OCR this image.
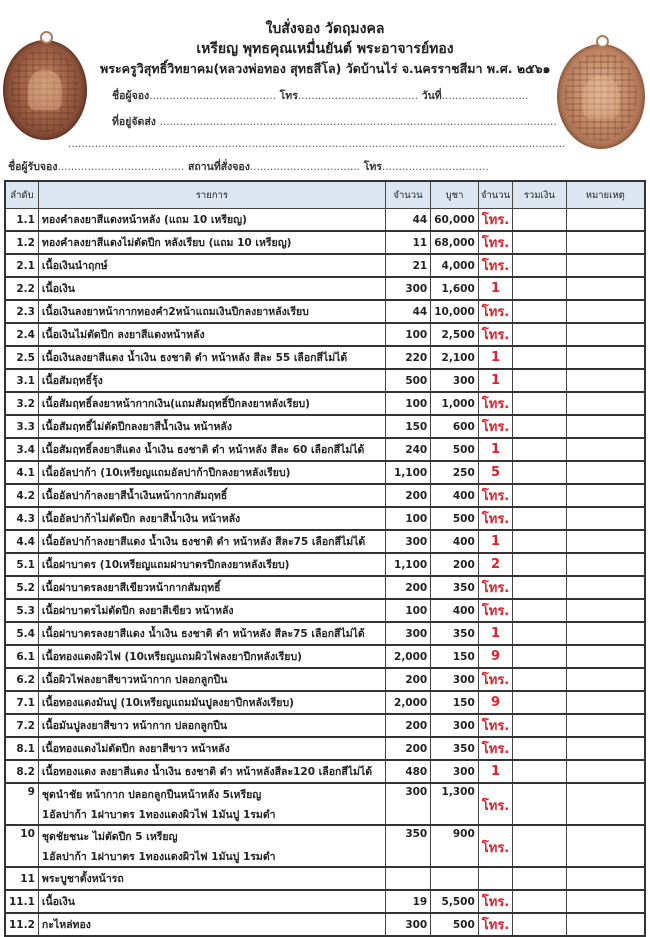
ใบสั่งจอง วัดฤมงคล
เหรียญ พุทธคุณเหมื่นยันต์ พระอาจารย์ทอง
พระครูวิสุทธิ์วิทยาคม(หลวงพ่อทอง สุทธสีโล) วัดบ้านไร่ จ.นครราชสีมา พ.ศ. ๒๕๖๑
ชื่อผู้จอง...................................... โทร.................................... วันที่..........................
ที่อยู่จัดส่ง .......................................................................................................................
.....................................................................................................................................................
ชื่อผู้รับจอง...................................... สถานที่สั่งจอง................................. โทร................................
ลำดับ	รายการ	จำนวน	บูชา	จำนวน	รวมเงิน	หมายเหตุ
1.1	ทองคำลงยาสีแดงหน้าหลัง (แถม 10 เหรียญ)	44	60,000	โทร.		
1.2	ทองคำลงยาสีแดงไม่ตัดปีก หลังเรียบ (แถม 10 เหรียญ)	11	68,000	โทร.		
2.1	เนื้อเงินนำฤกษ์	21	4,000	โทร.		
2.2	เนื้อเงิน	300	1,600	1		
2.3	เนื้อเงินลงยาหน้ากากทองคำ2หน้าแถมเงินปีกลงยาหลังเรียบ	44	10,000	โทร.		
2.4	เนื้อเงินไม่ตัดปีก ลงยาสีแดงหน้าหลัง	100	2,500	โทร.		
2.5	เนื้อเงินลงยาสีแดง น้ำเงิน ธงชาติ ดำ หน้าหลัง สีละ 55 เลือกสีไม่ได้	220	2,100	1		
3.1	เนื้อสัมฤทธิ์รุ้ง	500	300	1		
3.2	เนื้อสัมฤทธิ์ลงยาหน้ากากเงิน(แถมสัมฤทธิ์ปีกลงยาหลังเรียบ)	100	1,000	โทร.		
3.3	เนื้อสัมฤทธิ์ไม่ตัดปีกลงยาสีน้ำเงิน หน้าหลัง	150	600	โทร.		
3.4	เนื้อสัมฤทธิ์ลงยาสีแดง น้ำเงิน ธงชาติ ดำ หน้าหลัง สีละ 60 เลือกสีไม่ได้	240	500	1		
4.1	เนื้ออัลปาก้า (10เหรียญแถมอัลปาก้าปีกลงยาหลังเรียบ)	1,100	250	5		
4.2	เนื้ออัลปาก้าลงยาสีน้ำเงินหน้ากากสัมฤทธิ์	200	400	โทร.		
4.3	เนื้ออัลปาก้าไม่ตัดปีก ลงยาสีน้ำเงิน หน้าหลัง	100	500	โทร.		
4.4	เนื้ออัลปาก้าลงยาสีแดง น้ำเงิน ธงชาติ ดำ หน้าหลัง สีละ75 เลือกสีไม่ได้	300	400	1		
5.1	เนื้อฝาบาตร (10เหรียญแถมฝาบาตรปีกลงยาหลังเรียบ)	1,100	200	2		
5.2	เนื้อฝาบาตรลงยาสีเขียวหน้ากากสัมฤทธิ์	200	350	โทร.		
5.3	เนื้อฝาบาตรไม่ตัดปีก ลงยาสีเขียว หน้าหลัง	100	400	โทร.		
5.4	เนื้อฝาบาตรลงยาสีแดง น้ำเงิน ธงชาติ ดำ หน้าหลัง สีละ75 เลือกสีไม่ได้	300	350	1		
6.1	เนื้อทองแดงผิวไฟ (10เหรียญแถมผิวไฟลงยาปีกหลังเรียบ)	2,000	150	9		
6.2	เนื้อผิวไฟลงยาสีขาวหน้ากาก ปลอกลูกปืน	200	300	โทร.		
7.1	เนื้อทองแดงมันปู (10เหรียญแถมมันปูลงยาปีกหลังเรียบ)	2,000	150	9		
7.2	เนื้อมันปูลงยาสีขาว หน้ากาก ปลอกลูกปืน	200	300	โทร.		
8.1	เนื้อทองแดงไม่ตัดปีก ลงยาสีขาว หน้าหลัง	200	350	โทร.		
8.2	เนื้อทองแดง ลงยาสีแดง น้ำเงิน ธงชาติ ดำ หน้าหลังสีละ120 เลือกสีไม่ได้	480	300	1		
9	ชุดนำชัย หน้ากาก ปลอกลูกปืนหน้าหลัง 5เหรียญ
1อัลปาก้า 1ฝาบาตร 1ทองแดงผิวไฟ 1มันปู 1รมดำ	300	1,300	โทร.		
10	ชุดชัยชนะ ไม่ตัดปีก 5 เหรียญ
1อัลปาก้า 1ฝาบาตร 1ทองแดงผิวไฟ 1มันปู 1รมดำ	350	900	โทร.		
11	พระบูชาตั้งหน้ารถ					
11.1	เนื้อเงิน	19	5,500	โทร.		
11.2	กะไหล่ทอง	300	500	โทร.		
